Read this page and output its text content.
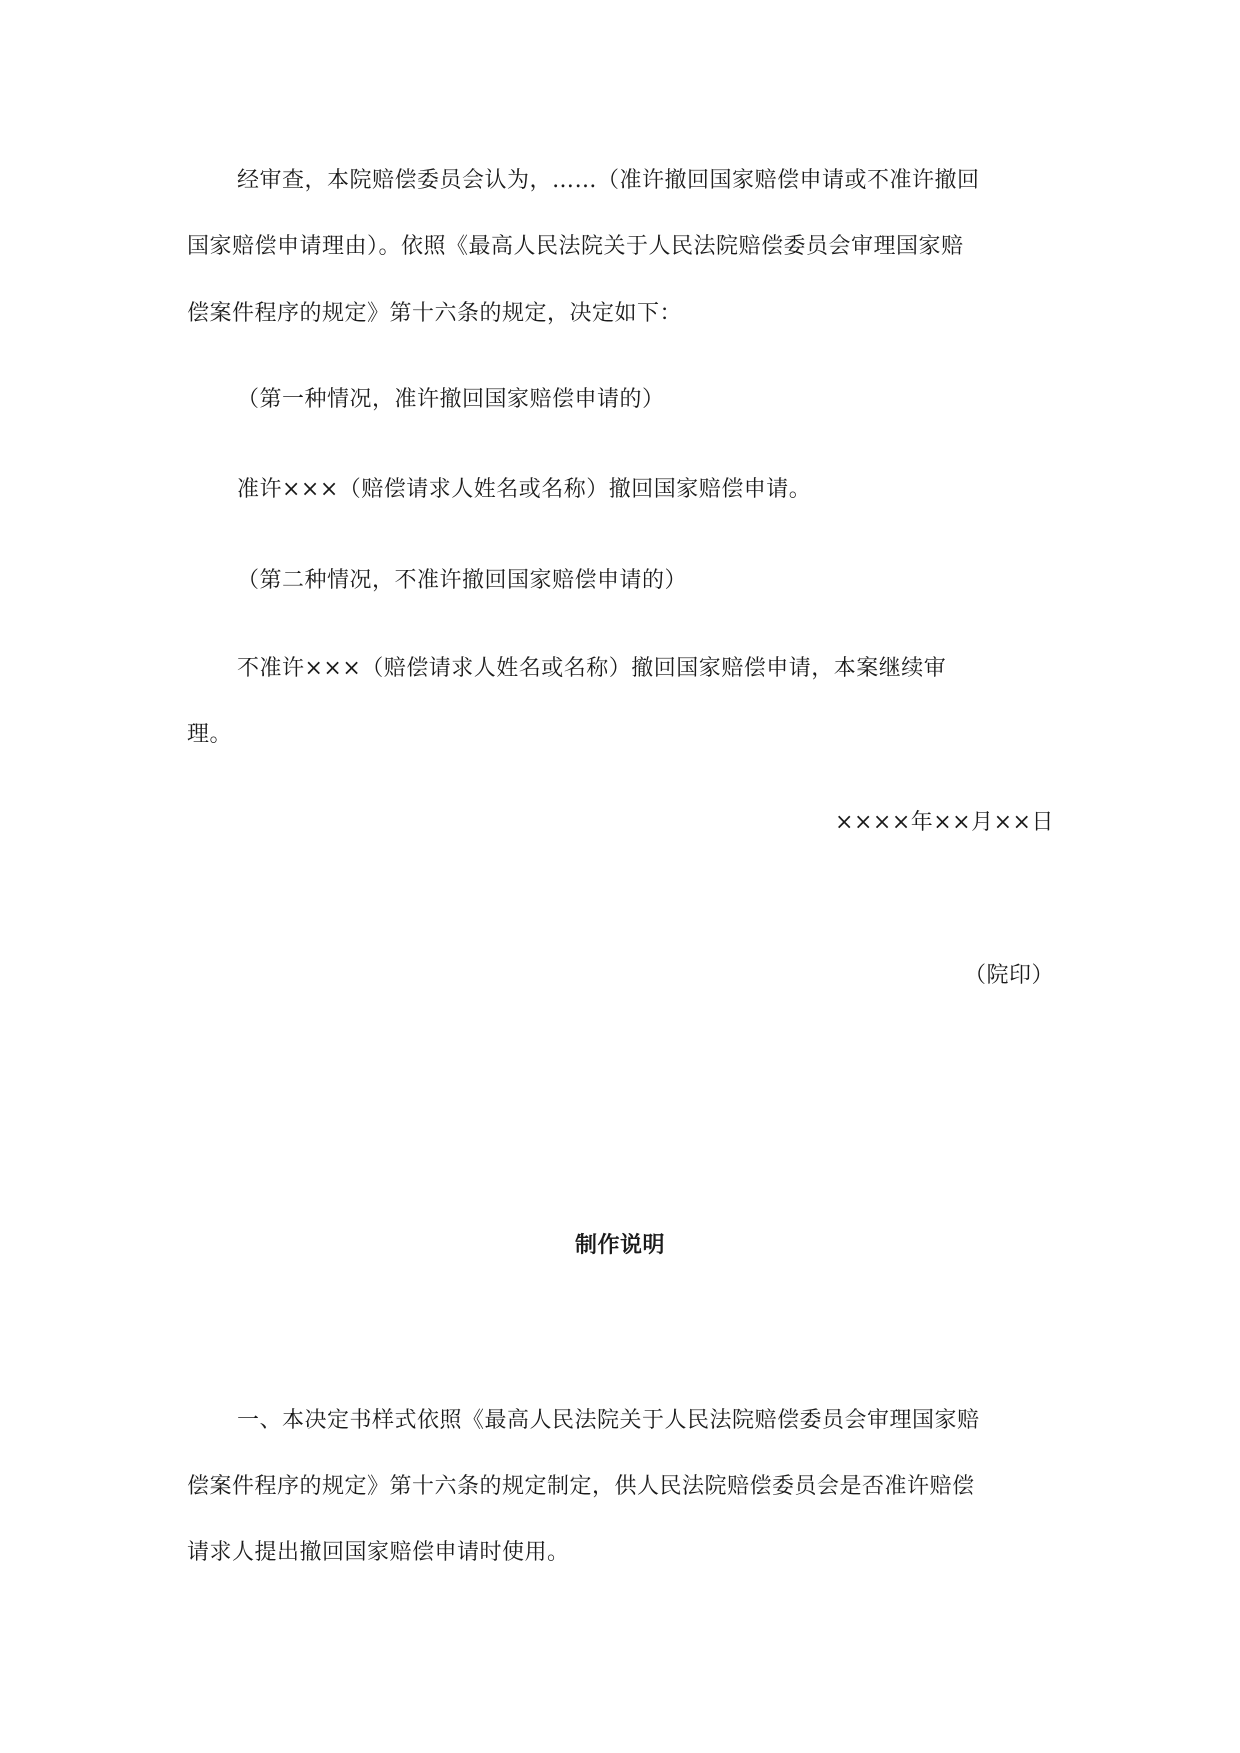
经审查，本院赔偿委员会认为，……（准许撤回国家赔偿申请或不准许撤回
国家赔偿申请理由）。依照《最高人民法院关于人民法院赔偿委员会审理国家赔
偿案件程序的规定》第十六条的规定，决定如下：
（第一种情况，准许撤回国家赔偿申请的）
准许×××（赔偿请求人姓名或名称）撤回国家赔偿申请。
（第二种情况，不准许撤回国家赔偿申请的）
不准许×××（赔偿请求人姓名或名称）撤回国家赔偿申请，本案继续审
理。
××××年××月××日
（院印）
制作说明
一、本决定书样式依照《最高人民法院关于人民法院赔偿委员会审理国家赔
偿案件程序的规定》第十六条的规定制定，供人民法院赔偿委员会是否准许赔偿
请求人提出撤回国家赔偿申请时使用。
